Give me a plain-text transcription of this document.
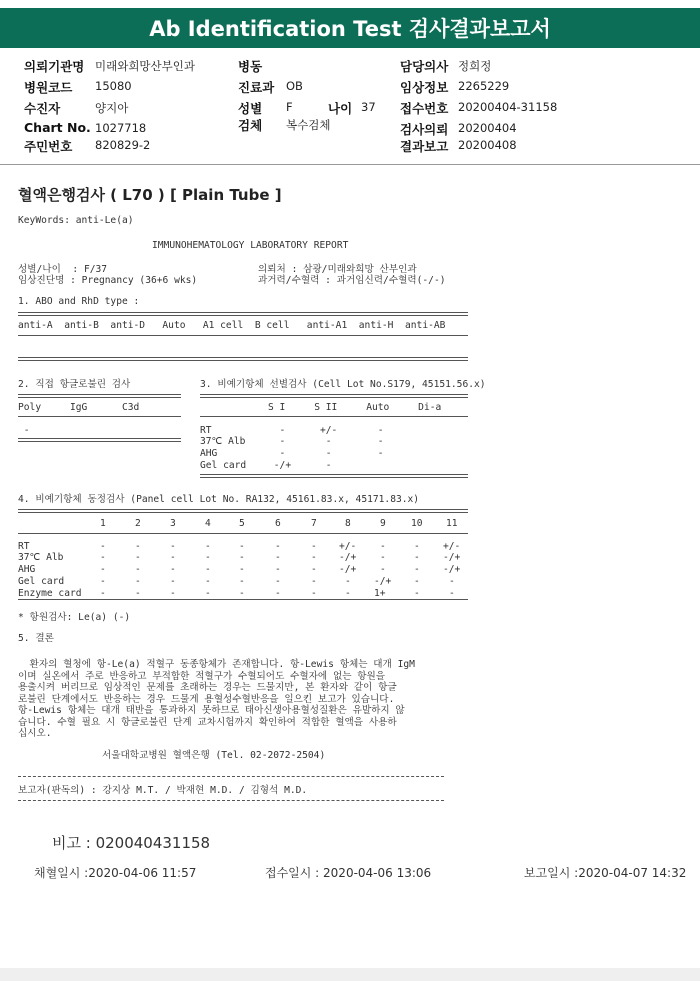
Ab Identification Test 검사결과보고서
의뢰기관명 미래와희망산부인과
병원코드 15080
수진자	양지아
Chart No. 1027718
주민번호 820829-2
병동
진료과 OB
성별 F	나이 37
검체 복수검체
담당의사 정희정
임상정보 2265229
접수번호 20200404-31158
검사의뢰 20200404
결과보고 20200408
혈액은행검사 ( L70 ) [ Plain Tube ]
KeyWords: anti-Le(a)
IMMUNOHEMATOLOGY LABORATORY REPORT
성별/나이  : F/37	의뢰처 : 삼광/미래와희망 산부인과
임상진단명 : Pregnancy (36+6 wks)	과거력/수혈력 : 과거임신력/수혈력(-/-)
1. ABO and RhD type :
anti-A  anti-B  anti-D   Auto   A1 cell  B cell   anti-A1  anti-H  anti-AB
2. 직접 항글로불린 검사
Poly     IgG      C3d
-
3. 비예기항체 선별검사 (Cell Lot No.S179, 45151.56.x)
S I     S II     Auto     Di-a
RT	-      +/-       -
37℃ Alb -       -        -
AHG	-       -        -
Gel card -/+      -
4. 비예기항체 동정검사 (Panel cell Lot No. RA132, 45161.83.x, 45171.83.x)
1	2	3	4	5	6	7	8	9	10 11
RT	-	-	-	-	-	-	- +/- -	- +/-
37℃ Alb	-	-	-	-	-	-	- -/+ -	- -/+
AHG	-	-	-	-	-	-	- -/+ -	- -/+
Gel card	-	-	-	-	-	-	-	- -/+ -	-
Enzyme card -	-	-	-	-	-	-	- 1+	-	-
* 항원검사: Le(a) (-)
5. 결론
환자의 혈청에 항-Le(a) 적혈구 동종항체가 존재합니다. 항-Lewis 항체는 대개 IgM
이며 실온에서 주로 반응하고 부적합한 적혈구가 수혈되어도 수혈자에 없는 항원을
용출시켜 버리므로 임상적인 문제를 초래하는 경우는 드물지만, 본 환자와 같이 항글
로불린 단계에서도 반응하는 경우 드물게 용혈성수혈반응을 일으킨 보고가 있습니다.
항-Lewis 항체는 대개 태반을 통과하지 못하므로 태아신생아용혈성질환은 유발하지 않
습니다. 수혈 필요 시 항글로불린 단계 교차시험까지 확인하여 적합한 혈액을 사용하
십시오.
서울대학교병원 혈액은행 (Tel. 02-2072-2504)
보고자(판독의) : 강지상 M.T. / 박재현 M.D. / 김형석 M.D.
비고 : 020040431158
채혈일시 :2020-04-06 11:57	접수일시 : 2020-04-06 13:06	보고일시 :2020-04-07 14:32
